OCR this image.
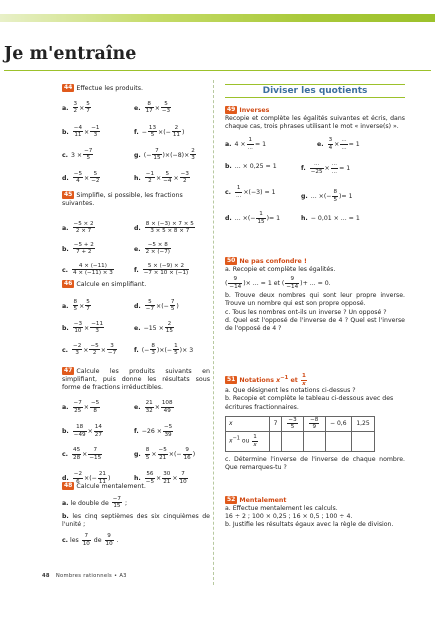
Je m'entraîne
44 Effectue les produits.
a. $\frac{3}{2} \times \frac{5}{7}$	e. $\frac{8}{17} \times \frac{5}{-3}$
b. $\frac{-4}{11} \times \frac{-1}{3}$	f. − $\frac{13}{5}$ ×(− $\frac{2}{11}$ )
c. $3 \times \frac{-7}{5}$	g. (− $\frac{7}{15} )\times(-8)\times \frac{2}{3}$
d. $\frac{-5}{4} \times \frac{5}{-2}$	h. $\frac{-1}{2} \times \frac{5}{-4} \times \frac{-3}{2}$
45 Simplifie, si possible, les fractions suivantes.
a. $\frac{-5 \times 2}{2 \times 7}$	d. $\frac{8 \times (-3) \times 7 \times 5}{3 \times 5 \times 8 \times 7}$
b. $\frac{-5 + 2}{7 + 2}$	e. $\frac{-5 \times 8}{2 \times (-7)}$
c. $\frac{4 \times (-11)}{4 \times (-11) \times 3}$	f. $\frac{5 \times (-9) \times 2}{-7 \times 10 \times (-1)}$
46 Calcule en simplifiant.
a. $\frac{8}{5} \times \frac{5}{7}$	d. $\frac{5}{-7}$ ×(− $\frac{7}{5}$ )
b. $\frac{-3}{10} \times \frac{-11}{3}$	e. $-15 \times \frac{2}{15}$
c. $\frac{-2}{3} \times \frac{-5}{2} \times \frac{3}{-7}$	f. (− $\frac{8}{3}$ )×(− $\frac{1}{5}$ )× 3
47 Calcule les produits suivants en simplifiant, puis donne les résultats sous forme de fractions irréductibles.
a. $\frac{-7}{25} \times \frac{-5}{8}$	e. $\frac{21}{32} \times \frac{108}{49}$
b. $\frac{18}{-49} \times \frac{14}{27}$	f. $-26 \times \frac{-5}{39}$
c. $\frac{45}{28} \times \frac{7}{-15}$	g. $\frac{8}{5} \times \frac{-5}{21}$ ×(− $\frac{9}{16}$ )
d. $\frac{-2}{6}$ ×(− $\frac{21}{11}$ )	h. $\frac{56}{-5} \times \frac{30}{21} \times \frac{7}{10}$
48 Calcule mentalement.
a. le double de $\frac{-7}{15}$ ;
b. les cinq septièmes des six cinquièmes de l'unité ;
c. les $\frac{7}{10}$ de $\frac{9}{10}$ .
Diviser les quotients
49 Inverses
Recopie et complète les égalités suivantes et écris, dans chaque cas, trois phrases utilisant le mot « inverse(s) ».
a. $4 \times \frac{1}{...} = 1$	e. $\frac{3}{4} \times \frac{...}{...} = 1$
b. ... × 0,25 = 1	f. $\frac{...}{-25} \times \frac{...}{...} = 1$
c. $\frac{1}{...} \times(-3) = 1$
g. ... ×(− $\frac{8}{5}$ )= 1
d. ... ×(− $\frac{1}{15}$ )= 1	h. − 0,01 × ... = 1
50 Ne pas confondre !
a. Recopie et complète les égalités.
( $\frac{9}{-14}$ )× ... = 1 et ( $\frac{9}{-14}$ )+ ... = 0.
b. Trouve deux nombres qui sont leur propre inverse. Trouve un nombre qui est son propre opposé.
c. Tous les nombres ont-ils un inverse ? Un opposé ?
d. Quel est l'opposé de l'inverse de 4 ? Quel est l'inverse de l'opposé de 4 ?
51 Notations $x^{-1}$ et $\frac{1}{x}$
a. Que désignent les notations ci-dessus ?
b. Recopie et complète le tableau ci-dessous avec des écritures fractionnaires.
x	7	$\frac{-3}{5}$	$\frac{-8}{9}$	− 0,6	1,25
$x^{-1}$ ou $\frac{1}{x}$

c. Détermine l'inverse de l'inverse de chaque nombre. Que remarques-tu ?
52 Mentalement
a. Effectue mentalement les calculs.
16 ÷ 2 ; 100 × 0,25 ; 16 × 0,5 ; 100 ÷ 4.
b. Justifie les résultats égaux avec la règle de division.
48 Nombres rationnels • A3
